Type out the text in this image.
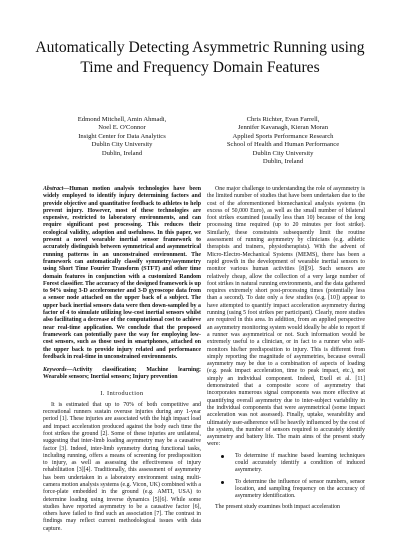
Automatically Detecting Asymmetric Running using
Time and Frequency Domain Features
Edmond Mitchell, Amin Ahmadi,
Noel E. O'Connor
Insight Center for Data Analytics
Dublin City University
Dublin, Ireland
Chris Richter, Evan Farrell,
Jennifer Kavanagh, Kieran Moran
Applied Sports Performance Research
School of Health and Human Performance
Dublin City University
Dublin, Ireland

Abstract—Human motion analysis technologies have been widely employed to identify injury determining factors and provide objective and quantitative feedback to athletes to help prevent injury. However, most of these technologies are expensive, restricted to laboratory environments, and can require significant post processing. This reduces their ecological validity, adoption and usefulness. In this paper, we present a novel wearable inertial sensor framework to accurately distinguish between symmetrical and asymmetrical running patterns in an unconstrained environment. The framework can automatically classify symmetry/asymmetry using Short Time Fourier Transform (STFT) and other time domain features in conjunction with a customized Random Forest classifier. The accuracy of the designed framework is up to 94% using 3-D accelerometer and 3-D gyroscope data from a sensor node attached on the upper back of a subject. The upper back inertial sensors data were then down-sampled by a factor of 4 to simulate utilizing low-cost inertial sensors whilst also facilitating a decrease of the computational cost to achieve near real-time application. We conclude that the proposed framework can potentially pave the way for employing low-cost sensors, such as those used in smartphones, attached on the upper back to provide injury related and performance feedback in real-time in unconstrained environments.

Keywords—Activity classification; Machine learning; Wearable sensors; Inertial sensors; Injury prevention

I. Introduction

It is estimated that up to 70% of both competitive and recreational runners sustain overuse injuries during any 1-year period [1]. These injuries are associated with the high impact load and impact acceleration produced against the body each time the foot strikes the ground [2]. Some of these injuries are unilateral, suggesting that inter-limb loading asymmetry may be a causative factor [3]. Indeed, inter-limb symmetry during functional tasks, including running, offers a means of screening for predisposition to injury, as well as assessing the effectiveness of injury rehabilitation [3][4]. Traditionally, this assessment of asymmetry has been undertaken in a laboratory environment using multi-camera motion analysis systems (e.g. Vicon, UK) combined with a force-plate embedded in the ground (e.g. AMTI, USA) to determine loading using inverse dynamics [5][6]. While some studies have reported asymmetry to be a causative factor [6], others have failed to find such an association [7]. The contrast in findings may reflect current methodological issues with data capture.

One major challenge to understanding the role of asymmetry is the limited number of studies that have been undertaken due to the cost of the aforementioned biomechanical analysis systems (in excess of 50,000 Euro), as well as the small number of bilateral foot strikes examined (usually less than 10) because of the long processing time required (up to 20 minutes per foot strike). Similarly, these constraints subsequently limit the routine assessment of running asymmetry by clinicians (e.g. athletic therapists and trainers, physiotherapists). With the advent of Micro-Electro-Mechanical Systems (MEMS), there has been a rapid growth in the development of wearable inertial sensors to monitor various human activities [8][9]. Such sensors are relatively cheap, allow the collection of a very large number of foot strikes in natural running environments, and the data gathered requires extremely short post-processing times (potentially less than a second). To date only a few studies (e.g. [10]) appear to have attempted to quantify impact acceleration asymmetry during running (using 5 foot strikes per participant). Clearly, more studies are required in this area. In addition, from an applied perspective an asymmetry monitoring system would ideally be able to report if a runner was asymmetrical or not. Such information would be extremely useful to a clinician, or in fact to a runner who self-monitors his/her predisposition to injury. This is different from simply reporting the magnitude of asymmetries, because overall asymmetry may be due to a combination of aspects of loading (e.g. peak impact acceleration, time to peak impact, etc.), not simply an individual component. Indeed, Exell et al. [11] demonstrated that a composite score of asymmetry that incorporates numerous signal components was more effective at quantifying overall asymmetry due to inter-subject variability in the individual components that were asymmetrical (some impact acceleration was not assessed). Finally, uptake, wearability and ultimately user-adherence will be heavily influenced by the cost of the system, the number of sensors required to accurately identify asymmetry and battery life. The main aims of the present study were:

To determine if machine based learning techniques could accurately identify a condition of induced asymmetry.
To determine the influence of sensor numbers, sensor location, and sampling frequency on the accuracy of asymmetry identification.

The present study examines both impact acceleration
